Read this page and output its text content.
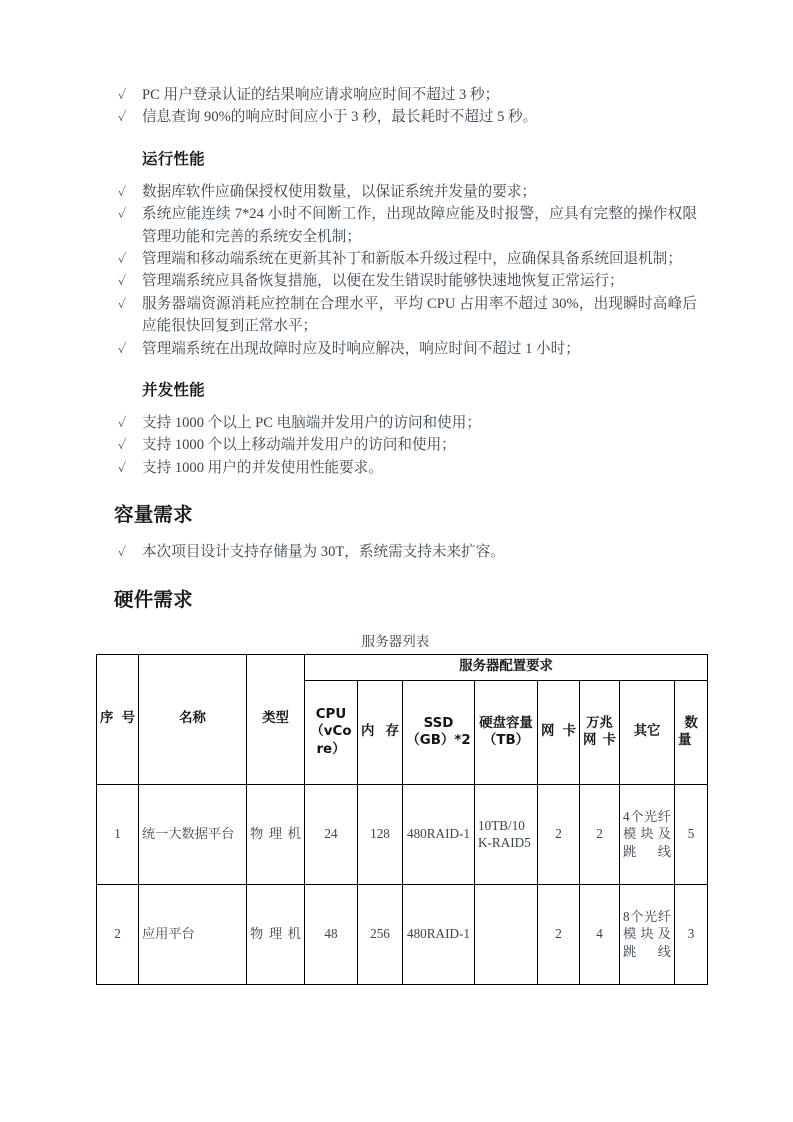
✓ PC 用户登录认证的结果响应请求响应时间不超过 3 秒；
✓ 信息查询 90%的响应时间应小于 3 秒，最长耗时不超过 5 秒。
运行性能
✓ 数据库软件应确保授权使用数量，以保证系统并发量的要求；
✓ 系统应能连续 7*24 小时不间断工作，出现故障应能及时报警，应具有完整的操作权限管理功能和完善的系统安全机制；
✓ 管理端和移动端系统在更新其补丁和新版本升级过程中，应确保具备系统回退机制；
✓ 管理端系统应具备恢复措施，以便在发生错误时能够快速地恢复正常运行；
✓ 服务器端资源消耗应控制在合理水平，平均 CPU 占用率不超过 30%，出现瞬时高峰后应能很快回复到正常水平；
✓ 管理端系统在出现故障时应及时响应解决，响应时间不超过 1 小时；
并发性能
✓ 支持 1000 个以上 PC 电脑端并发用户的访问和使用；
✓ 支持 1000 个以上移动端并发用户的访问和使用；
✓ 支持 1000 用户的并发使用性能要求。
容量需求
✓ 本次项目设计支持存储量为 30T，系统需支持未来扩容。
硬件需求
服务器列表
序号	名称	类型	服务器配置要求							
			CPU（vCore）	内存	SSD（GB）*2	硬盘容量（TB）	网卡	万兆网卡	其它	数量
1	统一大数据平台	物理机	24	128	480RAID-1	10TB/10K-RAID5	2	2	4个光纤模块及跳线	5
2	应用平台	物理机	48	256	480RAID-1		2	4	8个光纤模块及跳线	3
